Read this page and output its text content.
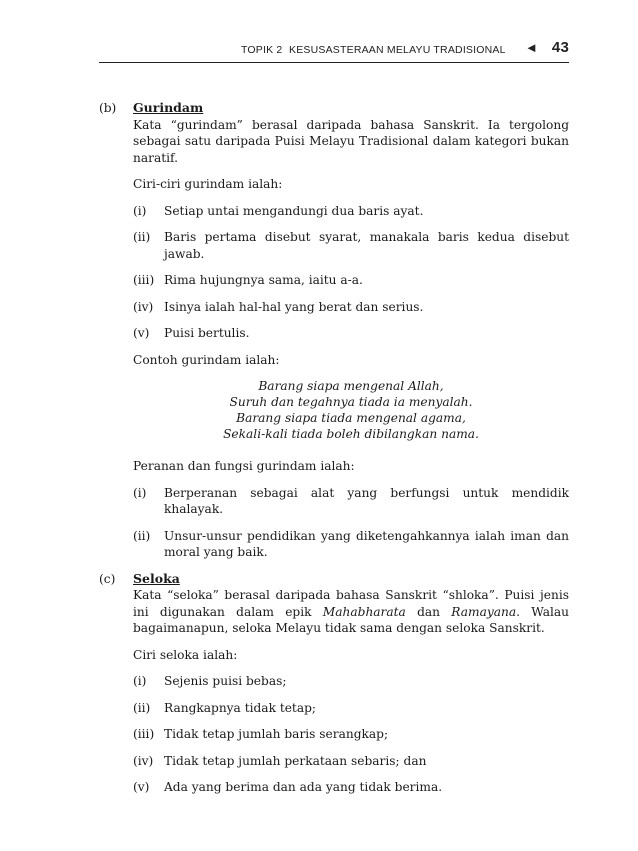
TOPIK 2 KESUSASTERAAN MELAYU TRADISIONAL ◄ 43
(b) Gurindam

Kata “gurindam” berasal daripada bahasa Sanskrit. Ia tergolong sebagai satu daripada Puisi Melayu Tradisional dalam kategori bukan naratif.

Ciri-ciri gurindam ialah:

(i) Setiap untai mengandungi dua baris ayat.
(ii) Baris pertama disebut syarat, manakala baris kedua disebut jawab.
(iii) Rima hujungnya sama, iaitu a-a.
(iv) Isinya ialah hal-hal yang berat dan serius.
(v) Puisi bertulis.

Contoh gurindam ialah:

Barang siapa mengenal Allah,
Suruh dan tegahnya tiada ia menyalah.
Barang siapa tiada mengenal agama,
Sekali-kali tiada boleh dibilangkan nama.

Peranan dan fungsi gurindam ialah:

(i) Berperanan sebagai alat yang berfungsi untuk mendidik khalayak.
(ii) Unsur-unsur pendidikan yang diketengahkannya ialah iman dan moral yang baik.
(c) Seloka

Kata “seloka” berasal daripada bahasa Sanskrit “shloka”. Puisi jenis ini digunakan dalam epik Mahabharata dan Ramayana. Walau bagaimanapun, seloka Melayu tidak sama dengan seloka Sanskrit.

Ciri seloka ialah:

(i) Sejenis puisi bebas;
(ii) Rangkapnya tidak tetap;
(iii) Tidak tetap jumlah baris serangkap;
(iv) Tidak tetap jumlah perkataan sebaris; dan
(v) Ada yang berima dan ada yang tidak berima.
